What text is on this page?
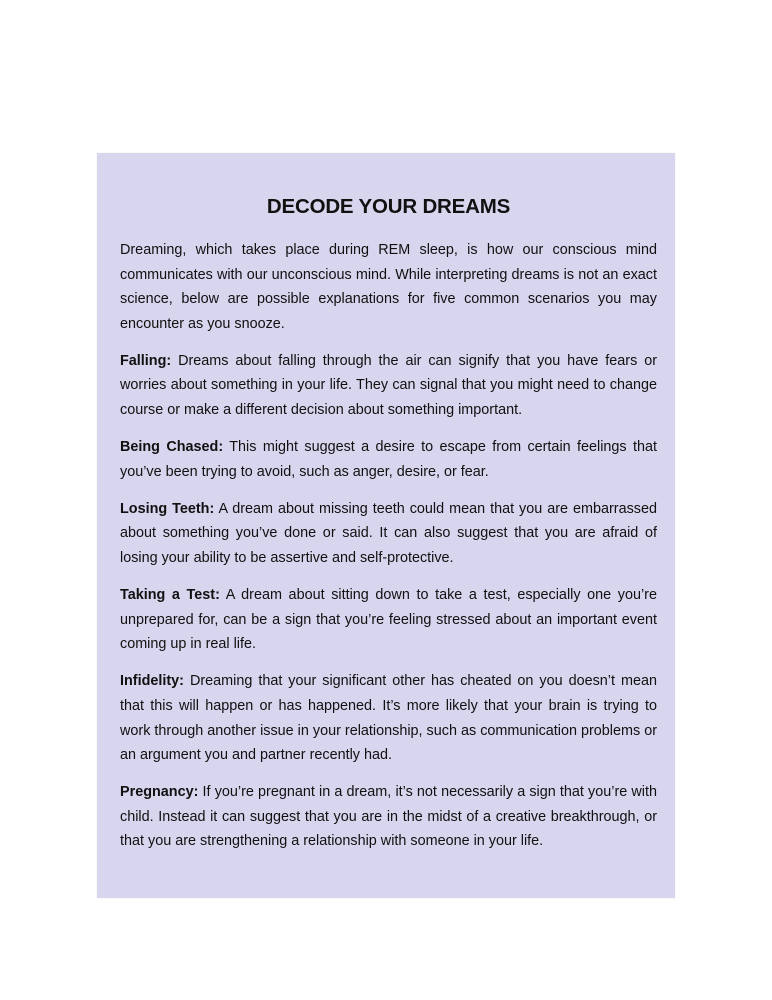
DECODE YOUR DREAMS

Dreaming, which takes place during REM sleep, is how our conscious mind communicates with our unconscious mind. While interpreting dreams is not an exact science, below are possible explanations for five common scenarios you may encounter as you snooze.

Falling: Dreams about falling through the air can signify that you have fears or worries about something in your life. They can signal that you might need to change course or make a different decision about something important.

Being Chased: This might suggest a desire to escape from certain feelings that you’ve been trying to avoid, such as anger, desire, or fear.

Losing Teeth: A dream about missing teeth could mean that you are embarrassed about something you’ve done or said. It can also suggest that you are afraid of losing your ability to be assertive and self-protective.

Taking a Test: A dream about sitting down to take a test, especially one you’re unprepared for, can be a sign that you’re feeling stressed about an important event coming up in real life.

Infidelity: Dreaming that your significant other has cheated on you doesn’t mean that this will happen or has happened. It’s more likely that your brain is trying to work through another issue in your relationship, such as communication problems or an argument you and partner recently had.

Pregnancy: If you’re pregnant in a dream, it’s not necessarily a sign that you’re with child. Instead it can suggest that you are in the midst of a creative breakthrough, or that you are strengthening a relationship with someone in your life.
